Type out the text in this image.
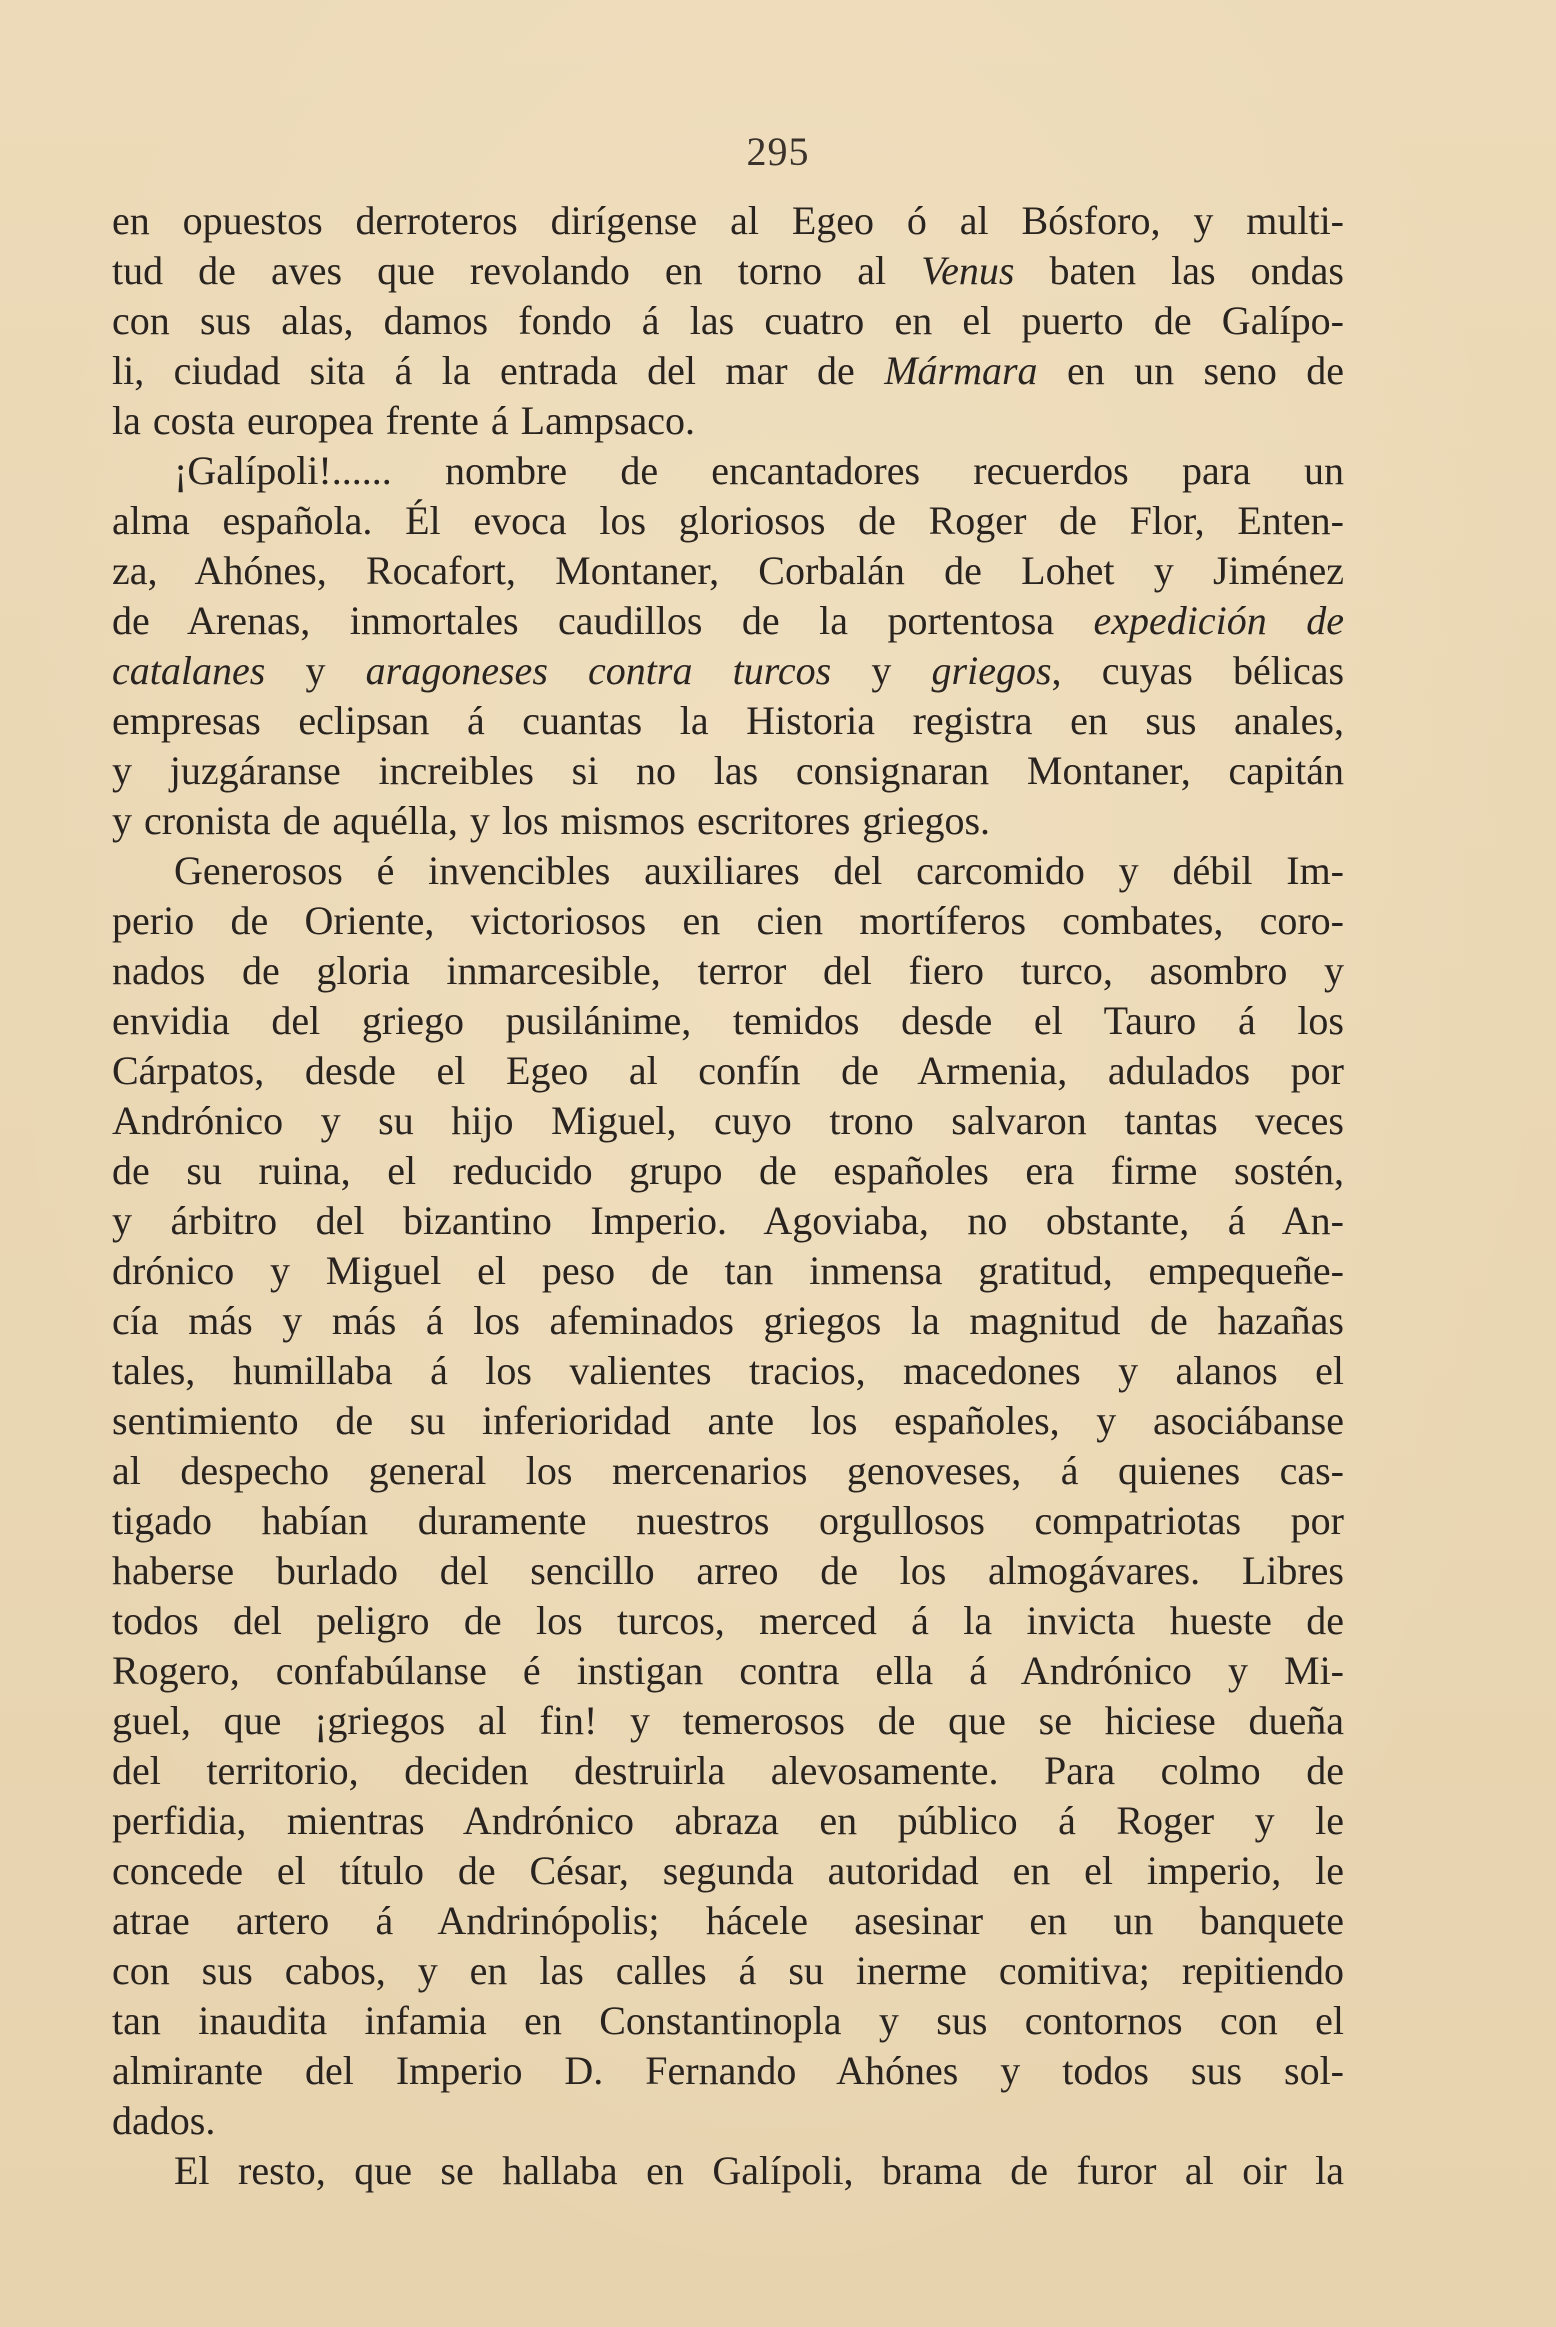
295
en opuestos derroteros dirígense al Egeo ó al Bósforo, y multi-
tud de aves que revolando en torno al Venus baten las ondas
con sus alas, damos fondo á las cuatro en el puerto de Galípo-
li, ciudad sita á la entrada del mar de Mármara en un seno de
la costa europea frente á Lampsaco.
¡Galípoli!...... nombre de encantadores recuerdos para un
alma española. Él evoca los gloriosos de Roger de Flor, Enten-
za, Ahónes, Rocafort, Montaner, Corbalán de Lohet y Jiménez
de Arenas, inmortales caudillos de la portentosa expedición de
catalanes y aragoneses contra turcos y griegos, cuyas bélicas
empresas eclipsan á cuantas la Historia registra en sus anales,
y juzgáranse increibles si no las consignaran Montaner, capitán
y cronista de aquélla, y los mismos escritores griegos.
Generosos é invencibles auxiliares del carcomido y débil Im-
perio de Oriente, victoriosos en cien mortíferos combates, coro-
nados de gloria inmarcesible, terror del fiero turco, asombro y
envidia del griego pusilánime, temidos desde el Tauro á los
Cárpatos, desde el Egeo al confín de Armenia, adulados por
Andrónico y su hijo Miguel, cuyo trono salvaron tantas veces
de su ruina, el reducido grupo de españoles era firme sostén,
y árbitro del bizantino Imperio. Agoviaba, no obstante, á An-
drónico y Miguel el peso de tan inmensa gratitud, empequeñe-
cía más y más á los afeminados griegos la magnitud de hazañas
tales, humillaba á los valientes tracios, macedones y alanos el
sentimiento de su inferioridad ante los españoles, y asociábanse
al despecho general los mercenarios genoveses, á quienes cas-
tigado habían duramente nuestros orgullosos compatriotas por
haberse burlado del sencillo arreo de los almogávares. Libres
todos del peligro de los turcos, merced á la invicta hueste de
Rogero, confabúlanse é instigan contra ella á Andrónico y Mi-
guel, que ¡griegos al fin! y temerosos de que se hiciese dueña
del territorio, deciden destruirla alevosamente. Para colmo de
perfidia, mientras Andrónico abraza en público á Roger y le
concede el título de César, segunda autoridad en el imperio, le
atrae artero á Andrinópolis; hácele asesinar en un banquete
con sus cabos, y en las calles á su inerme comitiva; repitiendo
tan inaudita infamia en Constantinopla y sus contornos con el
almirante del Imperio D. Fernando Ahónes y todos sus sol-
dados.
El resto, que se hallaba en Galípoli, brama de furor al oir la
